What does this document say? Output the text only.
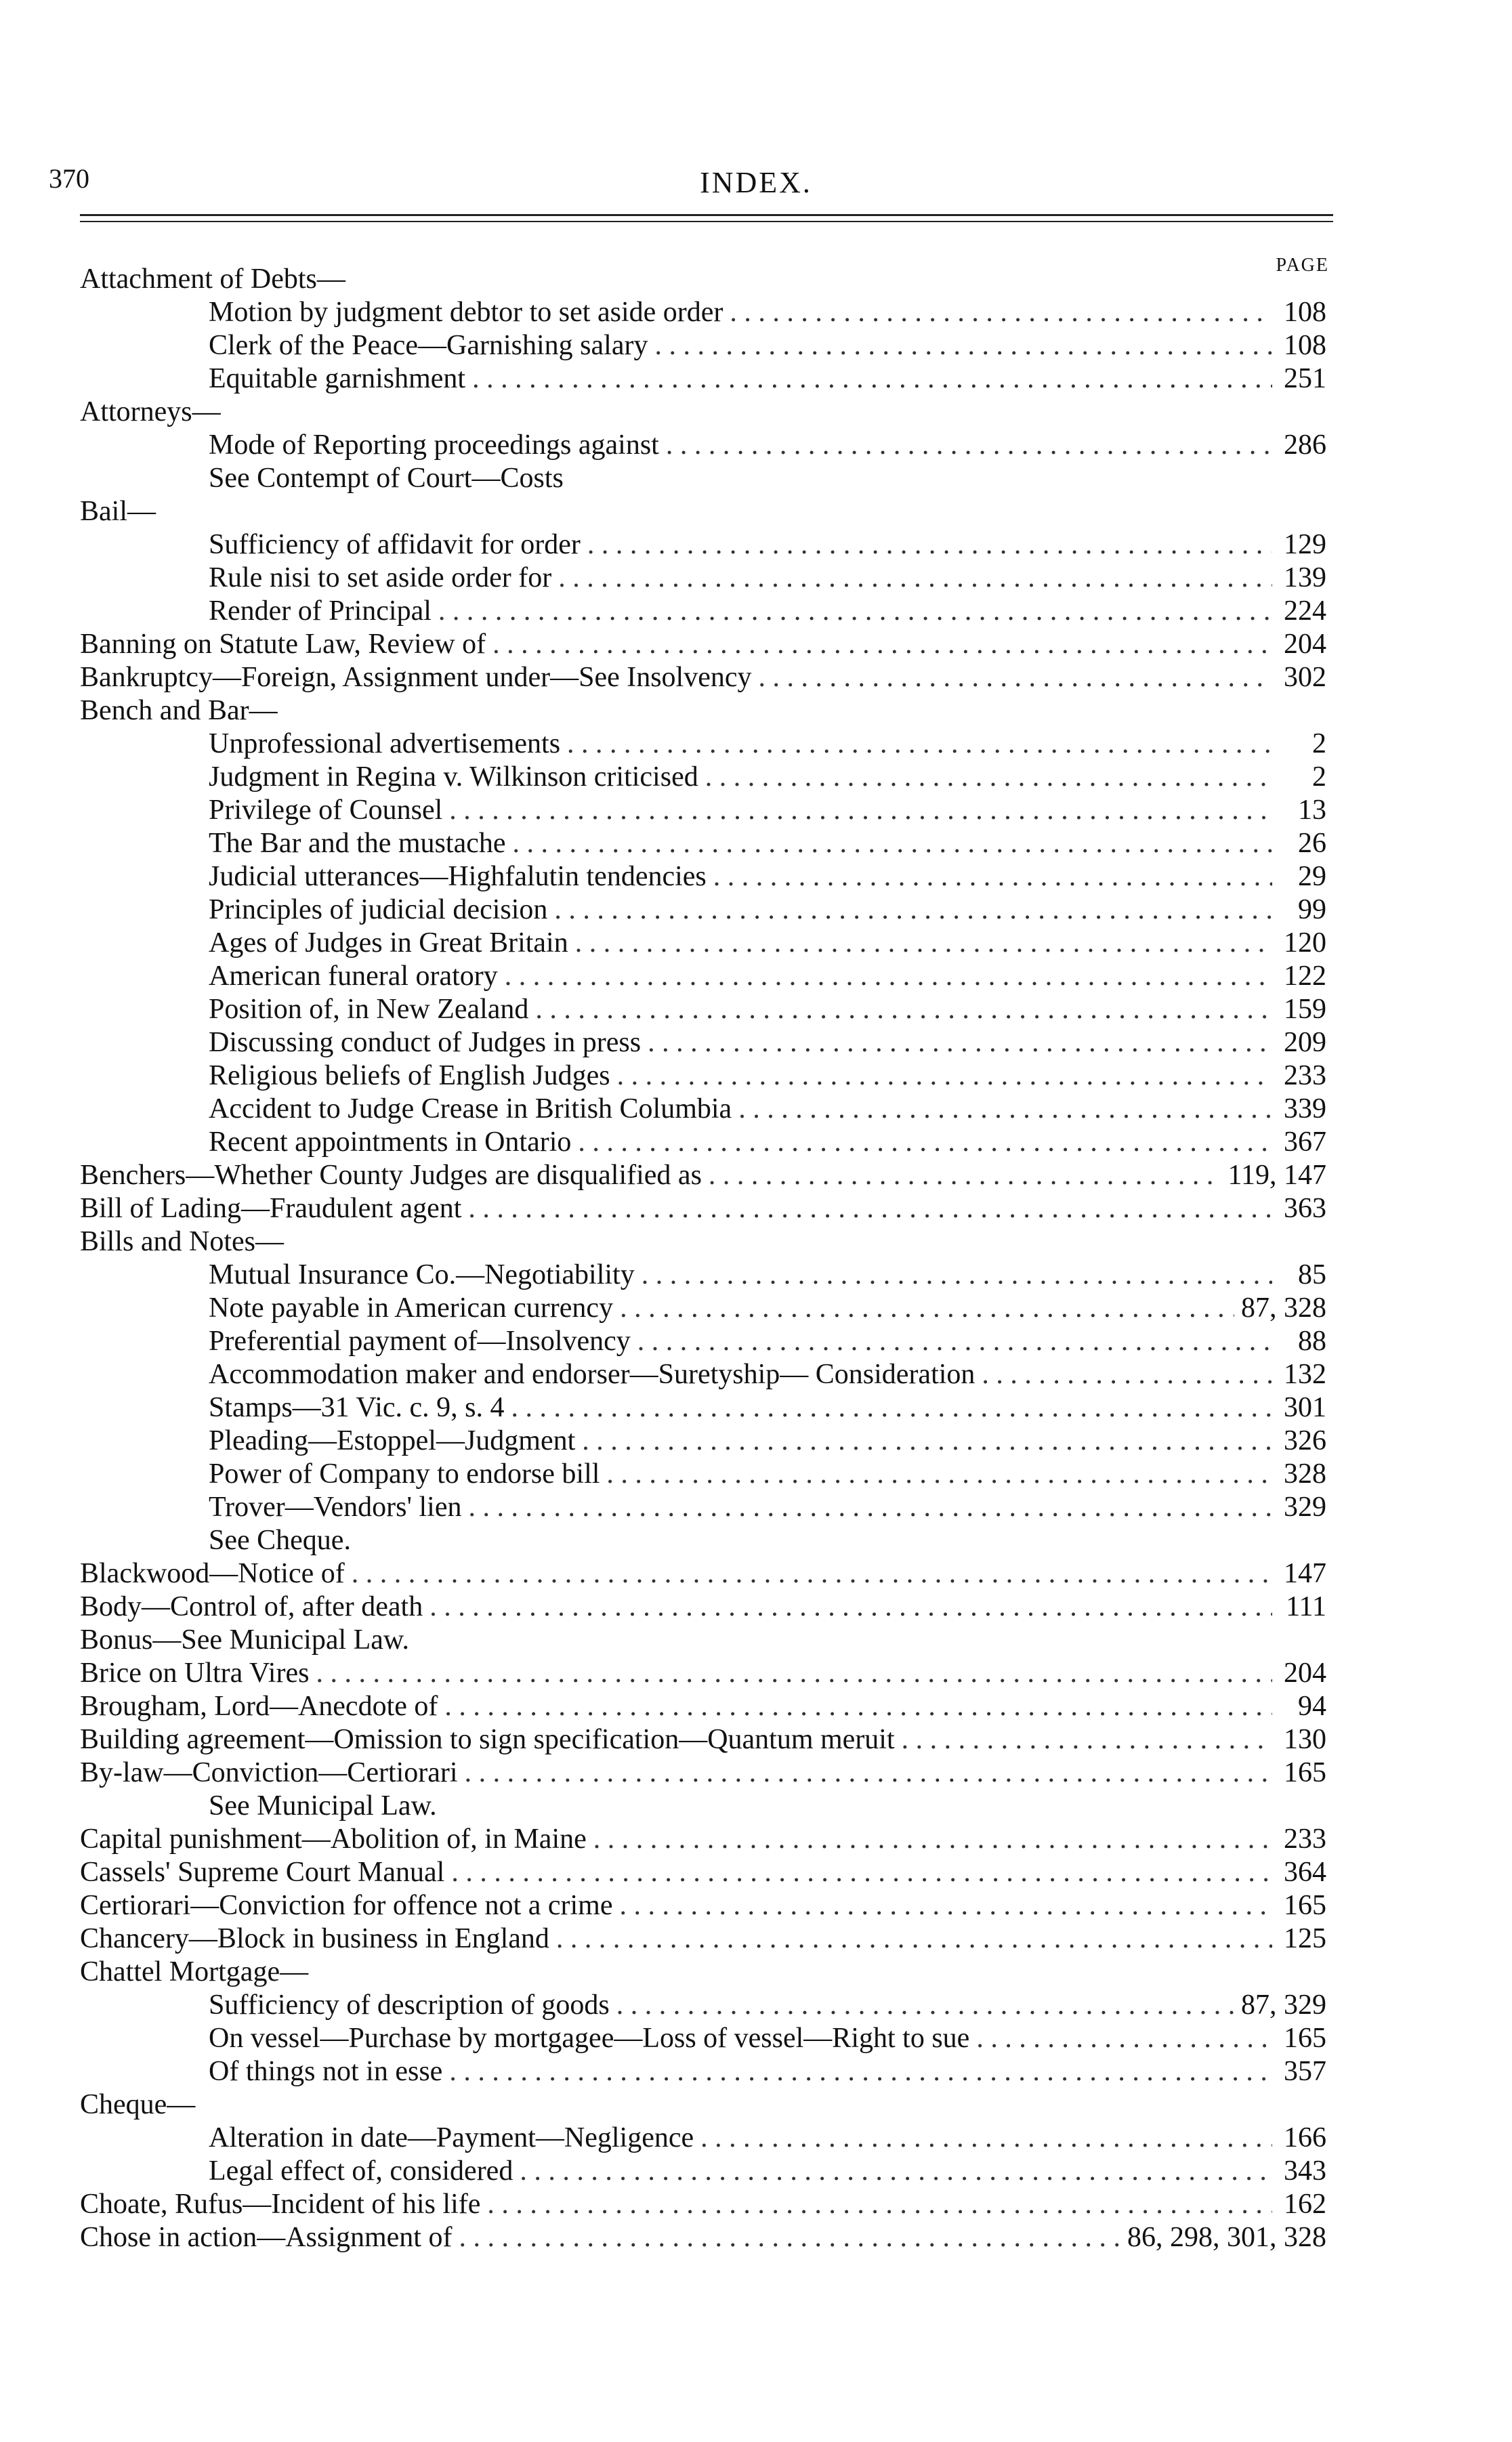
370	INDEX.
PAGE
Attachment of Debts—
Motion by judgment debtor to set aside order . . .	108
Clerk of the Peace—Garnishing salary . . .	108
Equitable garnishment . . .	251
Attorneys—
Mode of Reporting proceedings against . . .	286
See Contempt of Court—Costs
Bail—
Sufficiency of affidavit for order . . .	129
Rule nisi to set aside order for . . .	139
Render of Principal . . .	224
Banning on Statute Law, Review of . . .	204
Bankruptcy—Foreign, Assignment under—See Insolvency . . .	302
Bench and Bar—
Unprofessional advertisements . . .	2
Judgment in Regina v. Wilkinson criticised . . .	2
Privilege of Counsel . . .	13
The Bar and the mustache . . .	26
Judicial utterances—Highfalutin tendencies . . .	29
Principles of judicial decision . . .	99
Ages of Judges in Great Britain . . .	120
American funeral oratory . . .	122
Position of, in New Zealand . . .	159
Discussing conduct of Judges in press . . .	209
Religious beliefs of English Judges . . .	233
Accident to Judge Crease in British Columbia . . .	339
Recent appointments in Ontario . . .	367
Benchers—Whether County Judges are disqualified as . . .	119, 147
Bill of Lading—Fraudulent agent . . .	363
Bills and Notes—
Mutual Insurance Co.—Negotiability . . .	85
Note payable in American currency . . .	87, 328
Preferential payment of—Insolvency . . .	88
Accommodation maker and endorser—Suretyship— Consideration . . .	132
Stamps—31 Vic. c. 9, s. 4 . . .	301
Pleading—Estoppel—Judgment . . .	326
Power of Company to endorse bill . . .	328
Trover—Vendors' lien . . .	329
See Cheque.
Blackwood—Notice of . . .	147
Body—Control of, after death . . .	111
Bonus—See Municipal Law.
Brice on Ultra Vires . . .	204
Brougham, Lord—Anecdote of . . .	94
Building agreement—Omission to sign specification—Quantum meruit . . .	130
By-law—Conviction—Certiorari . . .	165
See Municipal Law.
Capital punishment—Abolition of, in Maine . . .	233
Cassels' Supreme Court Manual . . .	364
Certiorari—Conviction for offence not a crime . . .	165
Chancery—Block in business in England . . .	125
Chattel Mortgage—
Sufficiency of description of goods . . .	87, 329
On vessel—Purchase by mortgagee—Loss of vessel—Right to sue . . .	165
Of things not in esse . . .	357
Cheque—
Alteration in date—Payment—Negligence . . .	166
Legal effect of, considered . . .	343
Choate, Rufus—Incident of his life . . .	162
Chose in action—Assignment of . . .	86, 298, 301, 328
